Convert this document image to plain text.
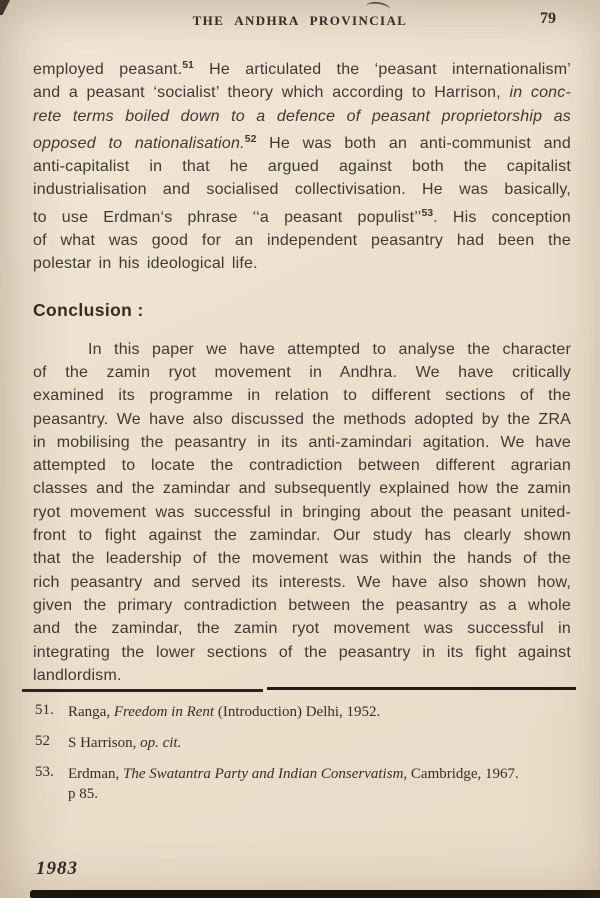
THE ANDHRA PROVINCIAL	79
employed peasant.$^{51}$ He articulated the ‘peasant internationalism’
and a peasant ‘socialist’ theory which according to Harrison, in conc-
rete terms boiled down to a defence of peasant proprietorship as
opposed to nationalisation.$^{52}$ He was both an anti-communist and
anti-capitalist in that he argued against both the capitalist
industrialisation and socialised collectivisation. He was basically,
to use Erdman‘s phrase ‘‘a peasant populist’’$^{53}$. His conception
of what was good for an independent peasantry had been the
polestar in his ideological life.
Conclusion :
In this paper we have attempted to analyse the character
of the zamin ryot movement in Andhra. We have critically
examined its programme in relation to different sections of the
peasantry. We have also discussed the methods adopted by the ZRA
in mobilising the peasantry in its anti-zamindari agitation. We have
attempted to locate the contradiction between different agrarian
classes and the zamindar and subsequently explained how the zamin
ryot movement was successful in bringing about the peasant united-
front to fight against the zamindar. Our study has clearly shown
that the leadership of the movement was within the hands of the
rich peasantry and served its interests. We have also shown how,
given the primary contradiction between the peasantry as a whole
and the zamindar, the zamin ryot movement was successful in
integrating the lower sections of the peasantry in its fight against
landlordism.
51. Ranga, Freedom in Rent (Introduction) Delhi, 1952.
52	S Harrison, op. cit.
53. Erdman, The Swatantra Party and Indian Conservatism, Cambridge, 1967.
p 85.
1983
